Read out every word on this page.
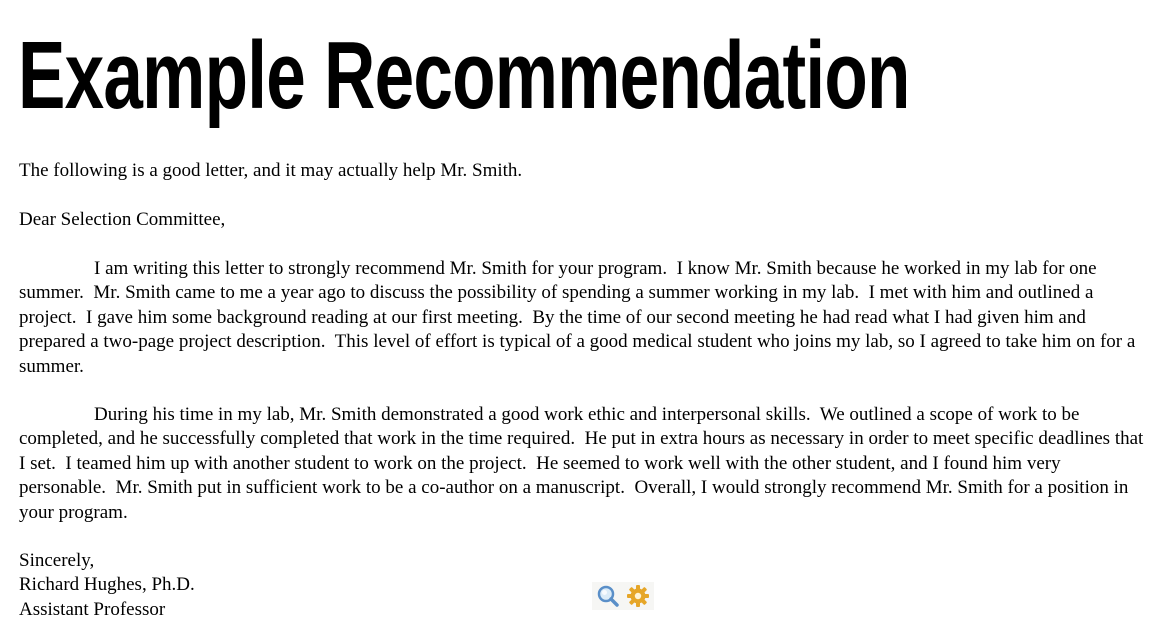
Example Recommendation

The following is a good letter, and it may actually help Mr. Smith.

Dear Selection Committee,

I am writing this letter to strongly recommend Mr. Smith for your program.  I know Mr. Smith because he worked in my lab for one summer.  Mr. Smith came to me a year ago to discuss the possibility of spending a summer working in my lab.  I met with him and outlined a project.  I gave him some background reading at our first meeting.  By the time of our second meeting he had read what I had given him and prepared a two-page project description.  This level of effort is typical of a good medical student who joins my lab, so I agreed to take him on for a summer.

During his time in my lab, Mr. Smith demonstrated a good work ethic and interpersonal skills.  We outlined a scope of work to be completed, and he successfully completed that work in the time required.  He put in extra hours as necessary in order to meet specific deadlines that I set.  I teamed him up with another student to work on the project.  He seemed to work well with the other student, and I found him very personable.  Mr. Smith put in sufficient work to be a co-author on a manuscript.  Overall, I would strongly recommend Mr. Smith for a position in your program.

Sincerely,
Richard Hughes, Ph.D.
Assistant Professor
